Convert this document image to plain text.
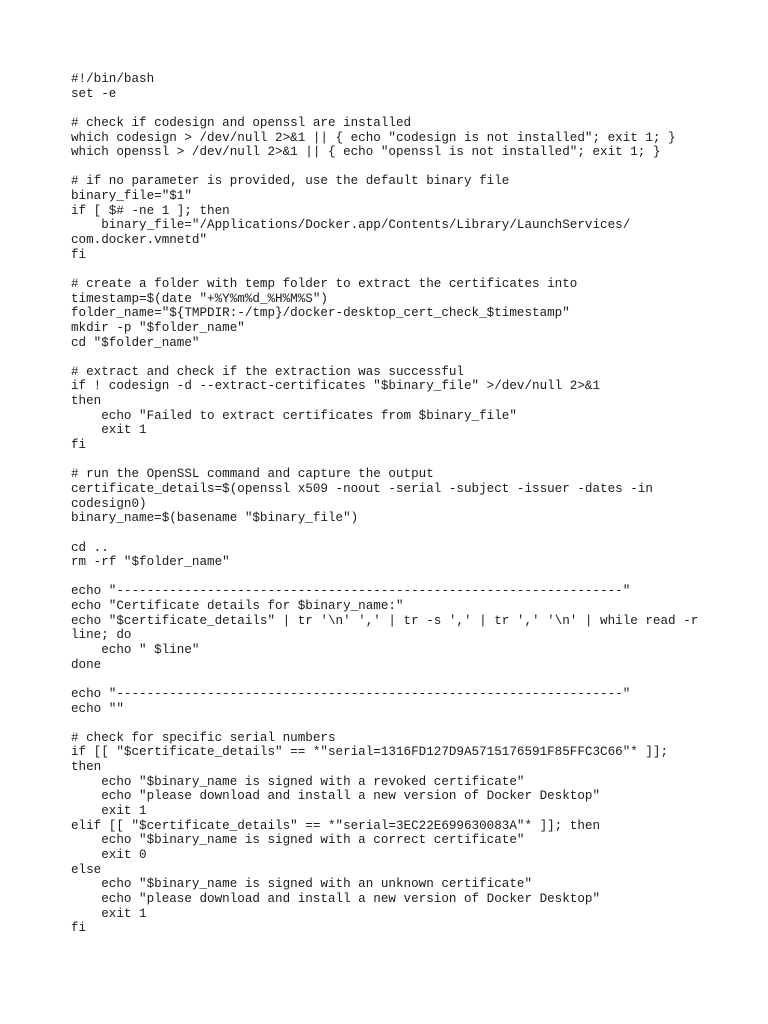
#!/bin/bash
set -e
# check if codesign and openssl are installed
which codesign > /dev/null 2>&1 || { echo "codesign is not installed"; exit 1; }
which openssl > /dev/null 2>&1 || { echo "openssl is not installed"; exit 1; }
# if no parameter is provided, use the default binary file
binary_file="$1"
if [ $# -ne 1 ]; then
binary_file="/Applications/Docker.app/Contents/Library/LaunchServices/
com.docker.vmnetd"
fi
# create a folder with temp folder to extract the certificates into
timestamp=$(date "+%Y%m%d_%H%M%S")
folder_name="${TMPDIR:-/tmp}/docker-desktop_cert_check_$timestamp"
mkdir -p "$folder_name"
cd "$folder_name"
# extract and check if the extraction was successful
if ! codesign -d --extract-certificates "$binary_file" >/dev/null 2>&1
then
echo "Failed to extract certificates from $binary_file"
exit 1
fi
# run the OpenSSL command and capture the output
certificate_details=$(openssl x509 -noout -serial -subject -issuer -dates -in
codesign0)
binary_name=$(basename "$binary_file")
cd ..
rm -rf "$folder_name"
echo "-------------------------------------------------------------------"
echo "Certificate details for $binary_name:"
echo "$certificate_details" | tr '\n' ',' | tr -s ',' | tr ',' '\n' | while read -r
line; do
echo " $line"
done
echo "-------------------------------------------------------------------"
echo ""
# check for specific serial numbers
if [[ "$certificate_details" == *"serial=1316FD127D9A5715176591F85FFC3C66"* ]];
then
echo "$binary_name is signed with a revoked certificate"
echo "please download and install a new version of Docker Desktop"
exit 1
elif [[ "$certificate_details" == *"serial=3EC22E699630083A"* ]]; then
echo "$binary_name is signed with a correct certificate"
exit 0
else
echo "$binary_name is signed with an unknown certificate"
echo "please download and install a new version of Docker Desktop"
exit 1
fi
